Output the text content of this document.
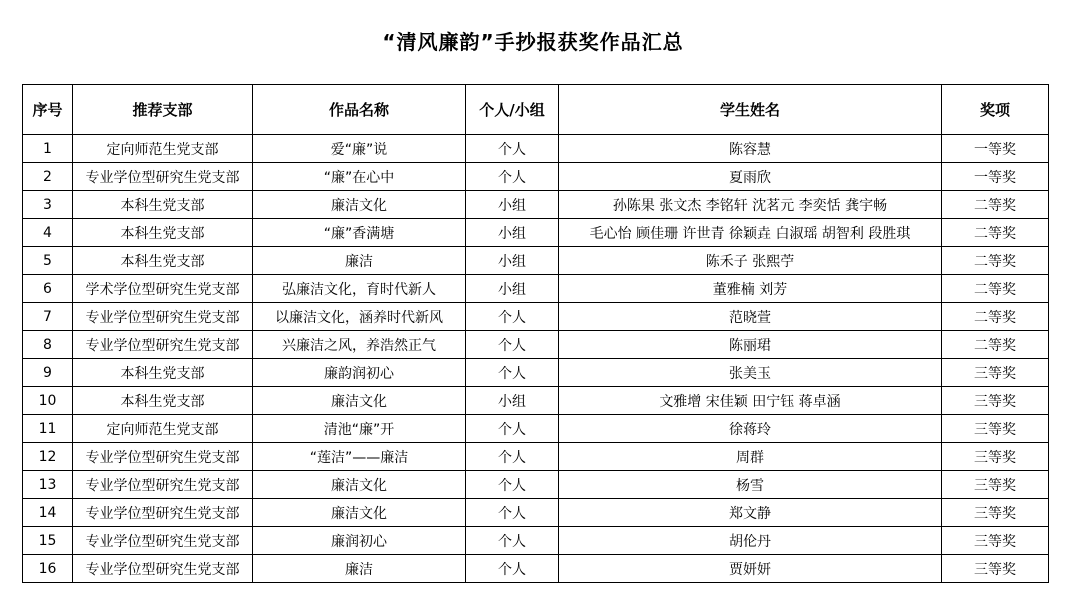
“清风廉韵”手抄报获奖作品汇总
序号	推荐支部	作品名称	个人/小组	学生姓名	奖项
1	定向师范生党支部	爱“廉”说	个人	陈容慧	一等奖
2	专业学位型研究生党支部	“廉”在心中	个人	夏雨欣	一等奖
3	本科生党支部	廉洁文化	小组	孙陈果 张文杰 李铭轩 沈茗元 李奕恬 龚宇畅	二等奖
4	本科生党支部	“廉”香满塘	小组	毛心怡 顾佳珊 许世青 徐颖垚 白淑瑶 胡智利 段胜琪	二等奖
5	本科生党支部	廉洁	小组	陈禾子 张熙苧	二等奖
6	学术学位型研究生党支部	弘廉洁文化，育时代新人	小组	董雅楠 刘芳	二等奖
7	专业学位型研究生党支部	以廉洁文化，涵养时代新风	个人	范晓萱	二等奖
8	专业学位型研究生党支部	兴廉洁之风，养浩然正气	个人	陈丽珺	二等奖
9	本科生党支部	廉韵润初心	个人	张美玉	三等奖
10	本科生党支部	廉洁文化	小组	文雅增 宋佳颖 田宁钰 蒋卓涵	三等奖
11	定向师范生党支部	清池“廉”开	个人	徐蒋玲	三等奖
12	专业学位型研究生党支部	“莲洁”——廉洁	个人	周群	三等奖
13	专业学位型研究生党支部	廉洁文化	个人	杨雪	三等奖
14	专业学位型研究生党支部	廉洁文化	个人	郑文静	三等奖
15	专业学位型研究生党支部	廉润初心	个人	胡伦丹	三等奖
16	专业学位型研究生党支部	廉洁	个人	贾妍妍	三等奖
